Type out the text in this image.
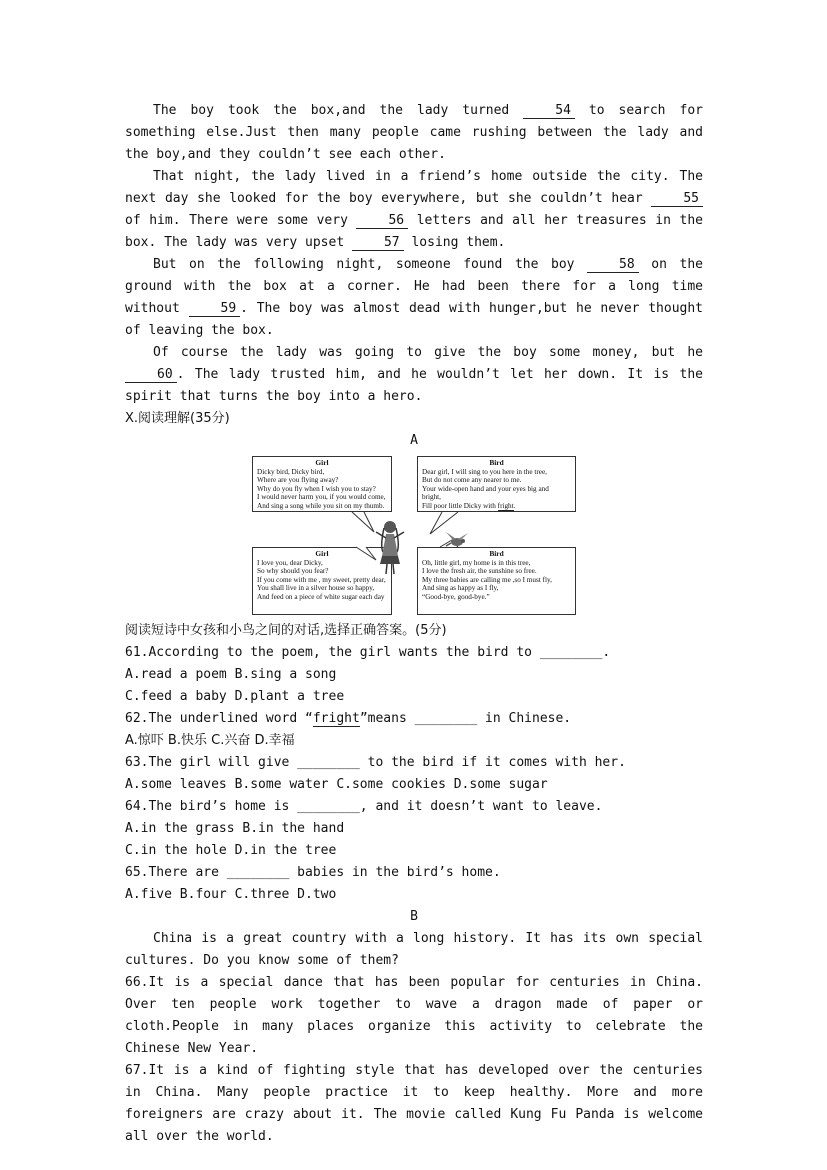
The boy took the box,and the lady turned 54 to search for something else.Just then many people came rushing between the lady and the boy,and they couldn’t see each other.

That night, the lady lived in a friend’s home outside the city. The next day she looked for the boy everywhere, but she couldn’t hear 55 of him. There were some very 56 letters and all her treasures in the box. The lady was very upset 57 losing them.

But on the following night, someone found the boy 58 on the ground with the box at a corner. He had been there for a long time without 59 . The boy was almost dead with hunger,but he never thought of leaving the box.

Of course the lady was going to give the boy some money, but he 60 . The lady trusted him, and he wouldn’t let her down. It is the spirit that turns the boy into a hero.

Ⅹ.阅读理解(35分)

A

Girl
Dicky bird, Dicky bird,
Where are you flying away?
Why do you fly when I wish you to stay?
I would never harm you, if you would come,
And sing a song while you sit on my thumb.
Bird
Dear girl, I will sing to you here in the tree,
But do not come any nearer to me.
Your wide-open hand and your eyes big and
bright,
Fill poor little Dicky with fright.
Girl
I love you, dear Dicky,
So why should you fear?
If you come with me , my sweet, pretty dear,
You shall live in a silver house so happy,
And feed on a piece of white sugar each day
Bird
Oh, little girl, my home is in this tree,
I love the fresh air, the sunshine so free.
My three babies are calling me ,so I must fly,
And sing as happy as I fly,
“Good-bye, good-bye.”

阅读短诗中女孩和小鸟之间的对话,选择正确答案。(5分)

61.According to the poem, the girl wants the bird to ________.

A.read a poem B.sing a song

C.feed a baby D.plant a tree

62.The underlined word “fright”means ________ in Chinese.

A.惊吓 B.快乐 C.兴奋 D.幸福

63.The girl will give ________ to the bird if it comes with her.

A.some leaves B.some water C.some cookies D.some sugar

64.The bird’s home is ________, and it doesn’t want to leave.

A.in the grass B.in the hand

C.in the hole D.in the tree

65.There are ________ babies in the bird’s home.

A.five B.four C.three D.two

B

China is a great country with a long history. It has its own special cultures. Do you know some of them?

66.It is a special dance that has been popular for centuries in China. Over ten people work together to wave a dragon made of paper or cloth.People in many places organize this activity to celebrate the Chinese New Year.

67.It is a kind of fighting style that has developed over the centuries in China. Many people practice it to keep healthy. More and more foreigners are crazy about it. The movie called Kung Fu Panda is welcome all over the world.
